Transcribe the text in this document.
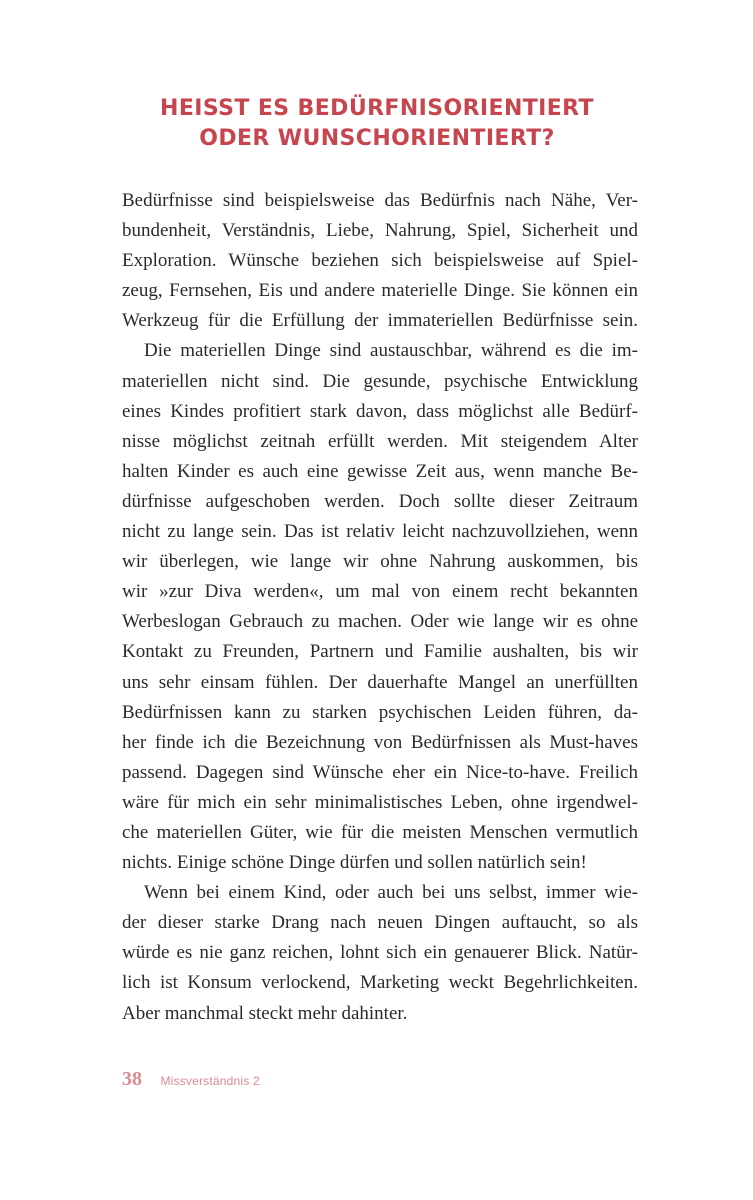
HEISST ES BEDÜRFNISORIENTIERT
ODER WUNSCHORIENTIERT?
Bedürfnisse sind beispielsweise das Bedürfnis nach Nähe, Ver-
bundenheit, Verständnis, Liebe, Nahrung, Spiel, Sicherheit und
Exploration. Wünsche beziehen sich beispielsweise auf Spiel-
zeug, Fernsehen, Eis und andere materielle Dinge. Sie können ein
Werkzeug für die Erfüllung der immateriellen Bedürfnisse sein.
Die materiellen Dinge sind austauschbar, während es die im-
materiellen nicht sind. Die gesunde, psychische Entwicklung
eines Kindes profitiert stark davon, dass möglichst alle Bedürf-
nisse möglichst zeitnah erfüllt werden. Mit steigendem Alter
halten Kinder es auch eine gewisse Zeit aus, wenn manche Be-
dürfnisse aufgeschoben werden. Doch sollte dieser Zeitraum
nicht zu lange sein. Das ist relativ leicht nachzuvollziehen, wenn
wir überlegen, wie lange wir ohne Nahrung auskommen, bis
wir »zur Diva werden«, um mal von einem recht bekannten
Werbeslogan Gebrauch zu machen. Oder wie lange wir es ohne
Kontakt zu Freunden, Partnern und Familie aushalten, bis wir
uns sehr einsam fühlen. Der dauerhafte Mangel an unerfüllten
Bedürfnissen kann zu starken psychischen Leiden führen, da-
her finde ich die Bezeichnung von Bedürfnissen als Must-haves
passend. Dagegen sind Wünsche eher ein Nice-to-have. Freilich
wäre für mich ein sehr minimalistisches Leben, ohne irgendwel-
che materiellen Güter, wie für die meisten Menschen vermutlich
nichts. Einige schöne Dinge dürfen und sollen natürlich sein!
Wenn bei einem Kind, oder auch bei uns selbst, immer wie-
der dieser starke Drang nach neuen Dingen auftaucht, so als
würde es nie ganz reichen, lohnt sich ein genauerer Blick. Natür-
lich ist Konsum verlockend, Marketing weckt Begehrlichkeiten.
Aber manchmal steckt mehr dahinter.
38 Missverständnis 2
